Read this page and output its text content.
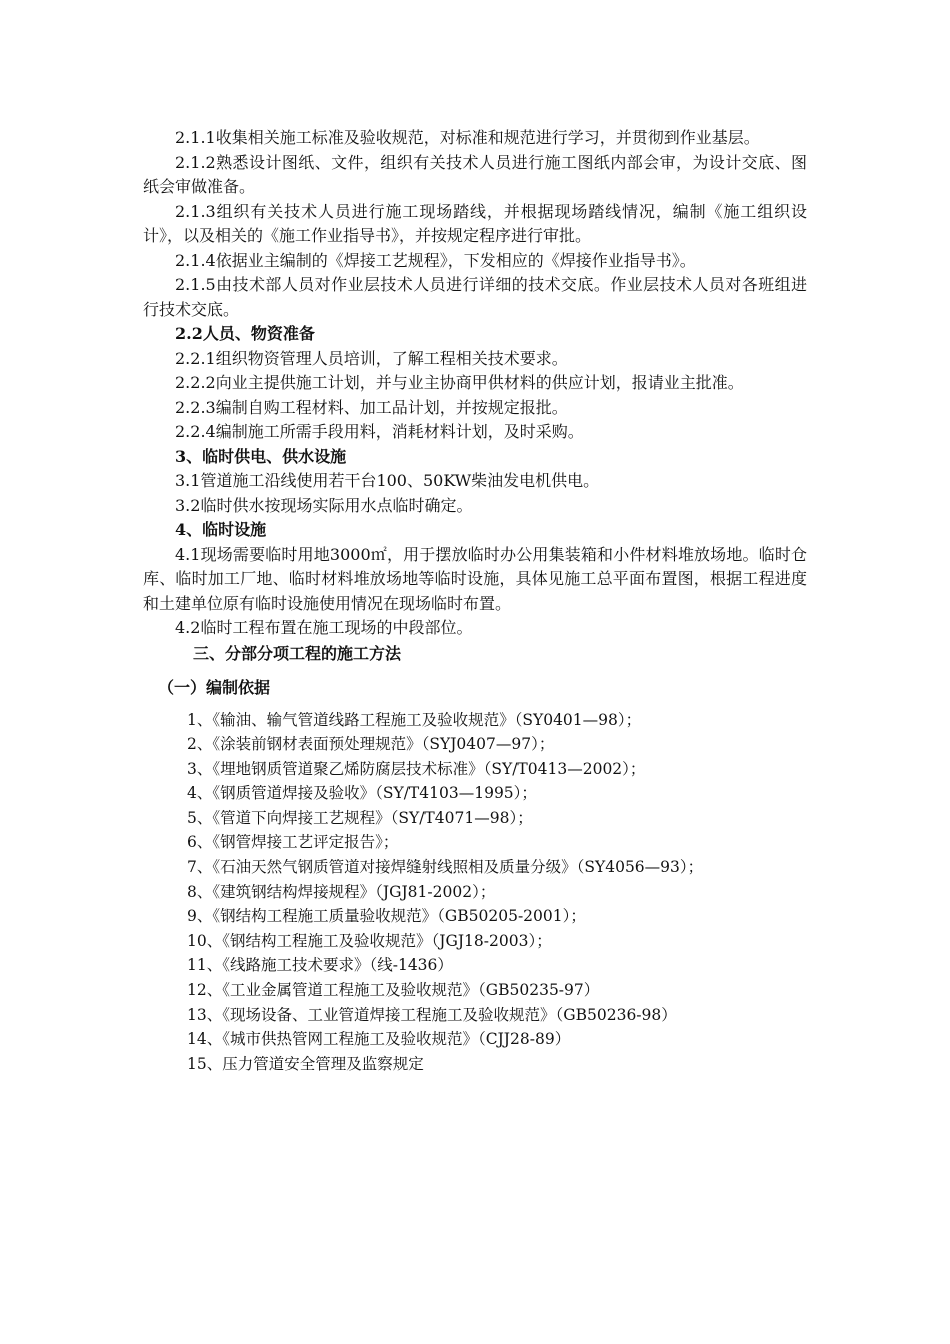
2.1.1收集相关施工标准及验收规范，对标准和规范进行学习，并贯彻到作业基层。

2.1.2熟悉设计图纸、文件，组织有关技术人员进行施工图纸内部会审，为设计交底、图纸会审做准备。

2.1.3组织有关技术人员进行施工现场踏线，并根据现场踏线情况，编制《施工组织设计》，以及相关的《施工作业指导书》，并按规定程序进行审批。

2.1.4依据业主编制的《焊接工艺规程》，下发相应的《焊接作业指导书》。

2.1.5由技术部人员对作业层技术人员进行详细的技术交底。作业层技术人员对各班组进行技术交底。

2.2人员、物资准备

2.2.1组织物资管理人员培训，了解工程相关技术要求。

2.2.2向业主提供施工计划，并与业主协商甲供材料的供应计划，报请业主批准。

2.2.3编制自购工程材料、加工品计划，并按规定报批。

2.2.4编制施工所需手段用料，消耗材料计划，及时采购。

3、临时供电、供水设施

3.1管道施工沿线使用若干台100、50KW柴油发电机供电。

3.2临时供水按现场实际用水点临时确定。

4、临时设施

4.1现场需要临时用地3000㎡，用于摆放临时办公用集装箱和小件材料堆放场地。临时仓库、临时加工厂地、临时材料堆放场地等临时设施，具体见施工总平面布置图，根据工程进度和土建单位原有临时设施使用情况在现场临时布置。

4.2临时工程布置在施工现场的中段部位。

三、分部分项工程的施工方法

（一）编制依据

1、《输油、输气管道线路工程施工及验收规范》（SY0401—98）；
2、《涂装前钢材表面预处理规范》（SYJ0407—97）；
3、《埋地钢质管道聚乙烯防腐层技术标准》（SY/T0413—2002）；
4、《钢质管道焊接及验收》（SY/T4103—1995）；
5、《管道下向焊接工艺规程》（SY/T4071—98）；
6、《钢管焊接工艺评定报告》；
7、《石油天然气钢质管道对接焊缝射线照相及质量分级》（SY4056—93）；
8、《建筑钢结构焊接规程》（JGJ81-2002）；
9、《钢结构工程施工质量验收规范》（GB50205-2001）；
10、《钢结构工程施工及验收规范》（JGJ18-2003）；
11、《线路施工技术要求》（线-1436）
12、《工业金属管道工程施工及验收规范》（GB50235-97）
13、《现场设备、工业管道焊接工程施工及验收规范》（GB50236-98）
14、《城市供热管网工程施工及验收规范》（CJJ28-89）
15、压力管道安全管理及监察规定
